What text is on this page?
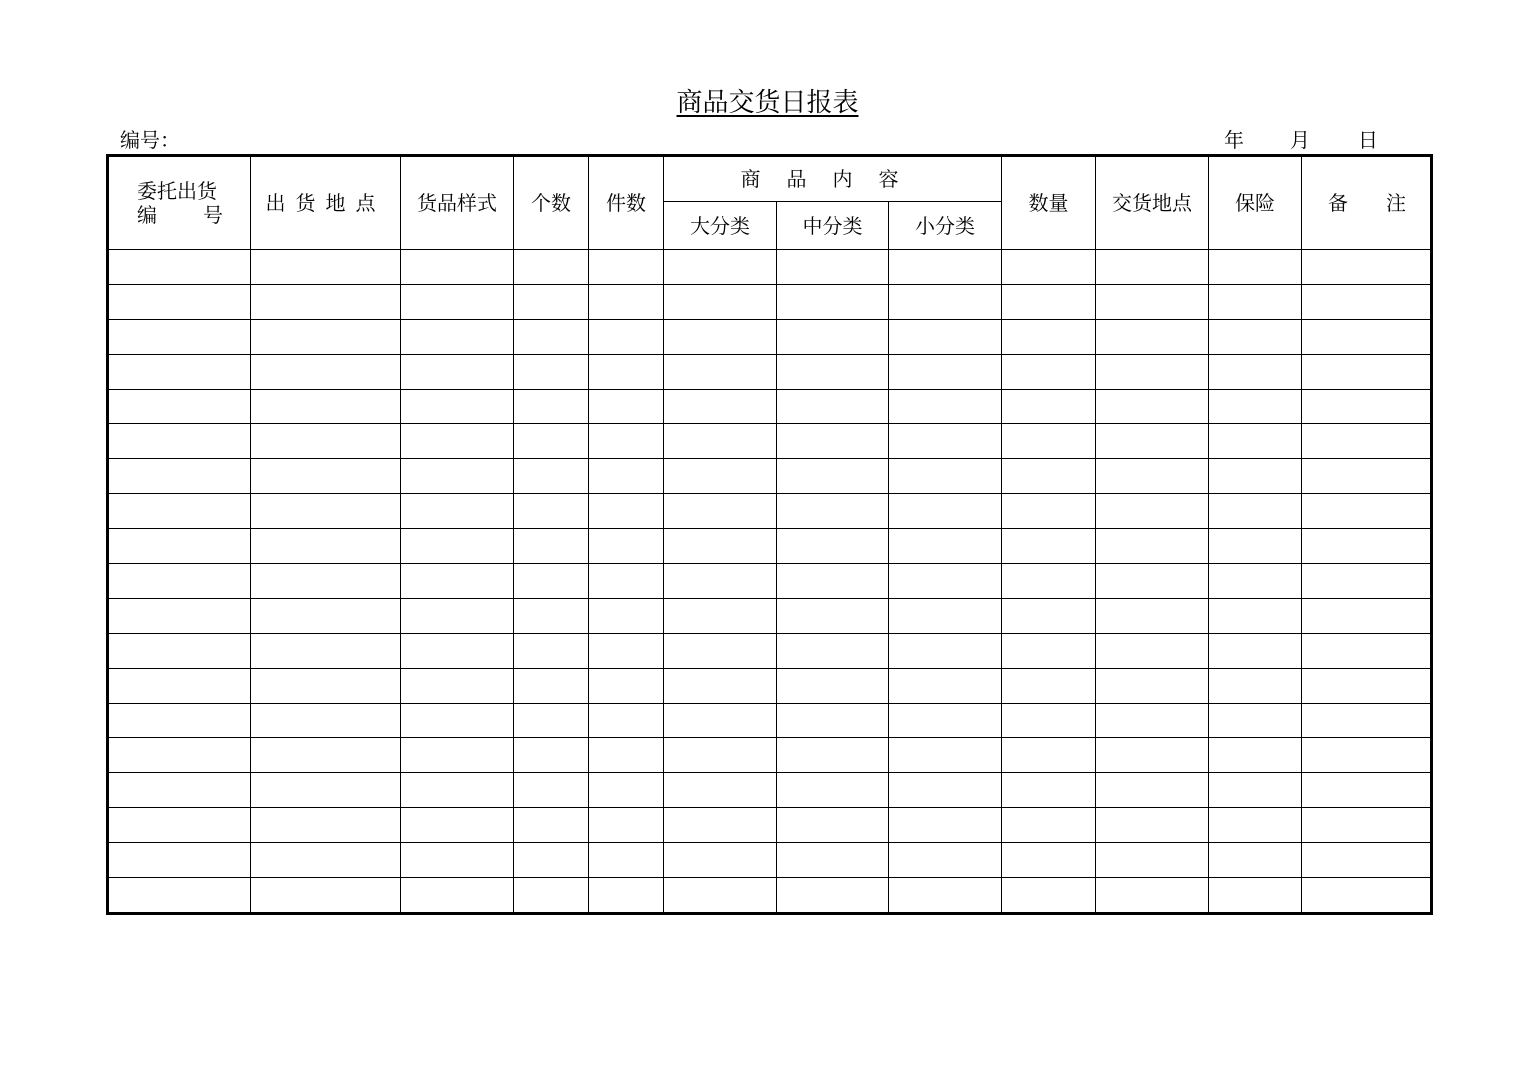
商品交货日报表
编号：	年 月 日
委托出货
编 号	出货地点	货品样式	个数	件数	商品内容			数量	交货地点	保险	备 注

					大分类	中分类	小分类				
